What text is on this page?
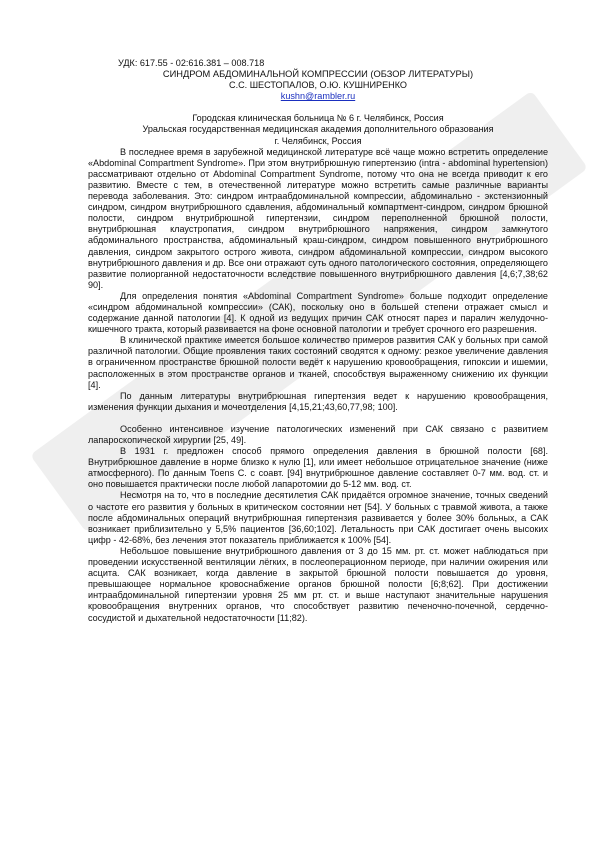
УДК: 617.55 - 02:616.381 – 008.718

СИНДРОМ АБДОМИНАЛЬНОЙ КОМПРЕССИИ (ОБЗОР ЛИТЕРАТУРЫ)

С.С. ШЕСТОПАЛОВ, О.Ю. КУШНИРЕНКО

kushn@rambler.ru

Городская клиническая больница № 6 г. Челябинск, Россия

Уральская государственная медицинская академия дополнительного образования

г. Челябинск, Россия

В последнее время в зарубежной медицинской литературе всё чаще можно встретить определение «Abdominal Compartment Syndrome». При этом внутрибрюшную гипертензию (intra - abdominal hypertension) рассматривают отдельно от Abdominal Compartment Syndrome, потому что она не всегда приводит к его развитию. Вместе с тем, в отечественной литературе можно встретить самые различные варианты перевода заболевания. Это: синдром интраабдоминальной компрессии, абдоминально - экстензионный синдром, синдром внутрибрюшного сдавления, абдоминальный компартмент-синдром, синдром брюшной полости, синдром внутрибрюшной гипертензии, синдром переполненной брюшной полости, внутрибрюшная клаустропатия, синдром внутрибрюшного напряжения, синдром замкнутого абдоминального пространства, абдоминальный краш-синдром, синдром повышенного внутрибрюшного давления, синдром закрытого острого живота, синдром абдоминальной компрессии, синдром высокого внутрибрюшного давления и др. Все они отражают суть одного патологического состояния, определяющего развитие полиорганной недостаточности вследствие повышенного внутрибрюшного давления [4,6;7,38;62 90].

Для определения понятия «Abdominal Compartment Syndrome» больше подходит определение «синдром абдоминальной компрессии» (САК), поскольку оно в большей степени отражает смысл и содержание данной патологии [4]. К одной из ведущих причин САК относят парез и паралич желудочно-кишечного тракта, который развивается на фоне основной патологии и требует срочного его разрешения.

В клинической практике имеется большое количество примеров развития САК у больных при самой различной патологии. Общие проявления таких состояний сводятся к одному: резкое увеличение давления в ограниченном пространстве брюшной полости ведёт к нарушению кровообращения, гипоксии и ишемии, расположенных в этом пространстве органов и тканей, способствуя выраженному снижению их функции [4].

По данным литературы внутрибрюшная гипертензия ведет к нарушению кровообращения, изменения функции дыхания и мочеотделения [4,15,21;43,60,77,98; 100].

Особенно интенсивное изучение патологических изменений при САК связано с развитием лапароскопической хирургии [25, 49].

В 1931 г. предложен способ прямого определения давления в брюшной полости [68]. Внутрибрюшное давление в норме близко к нулю [1], или имеет небольшое отрицательное значение (ниже атмосферного). По данным Toens C. с соавт. [94] внутрибрюшное давление составляет 0-7 мм. вод. ст. и оно повышается практически после любой лапаротомии до 5-12 мм. вод. ст.

Несмотря на то, что в последние десятилетия САК придаётся огромное значение, точных сведений о частоте его развития у больных в критическом состоянии нет [54]. У больных с травмой живота, а также после абдоминальных операций внутрибрюшная гипертензия развивается у более 30% больных, а САК возникает приблизительно у 5,5% пациентов [36,60;102]. Летальность при САК достигает очень высоких цифр - 42-68%, без лечения этот показатель приближается к 100% [54].

Небольшое повышение внутрибрюшного давления от 3 до 15 мм. рт. ст. может наблюдаться при проведении искусственной вентиляции лёгких, в послеоперационном периоде, при наличии ожирения или асцита. САК возникает, когда давление в закрытой брюшной полости повышается до уровня, превышающее нормальное кровоснабжение органов брюшной полости [6;8;62]. При достижении интраабдоминальной гипертензии уровня 25 мм рт. ст. и выше наступают значительные нарушения кровообращения внутренних органов, что способствует развитию печеночно-почечной, сердечно-сосудистой и дыхательной недостаточности [11;82).
